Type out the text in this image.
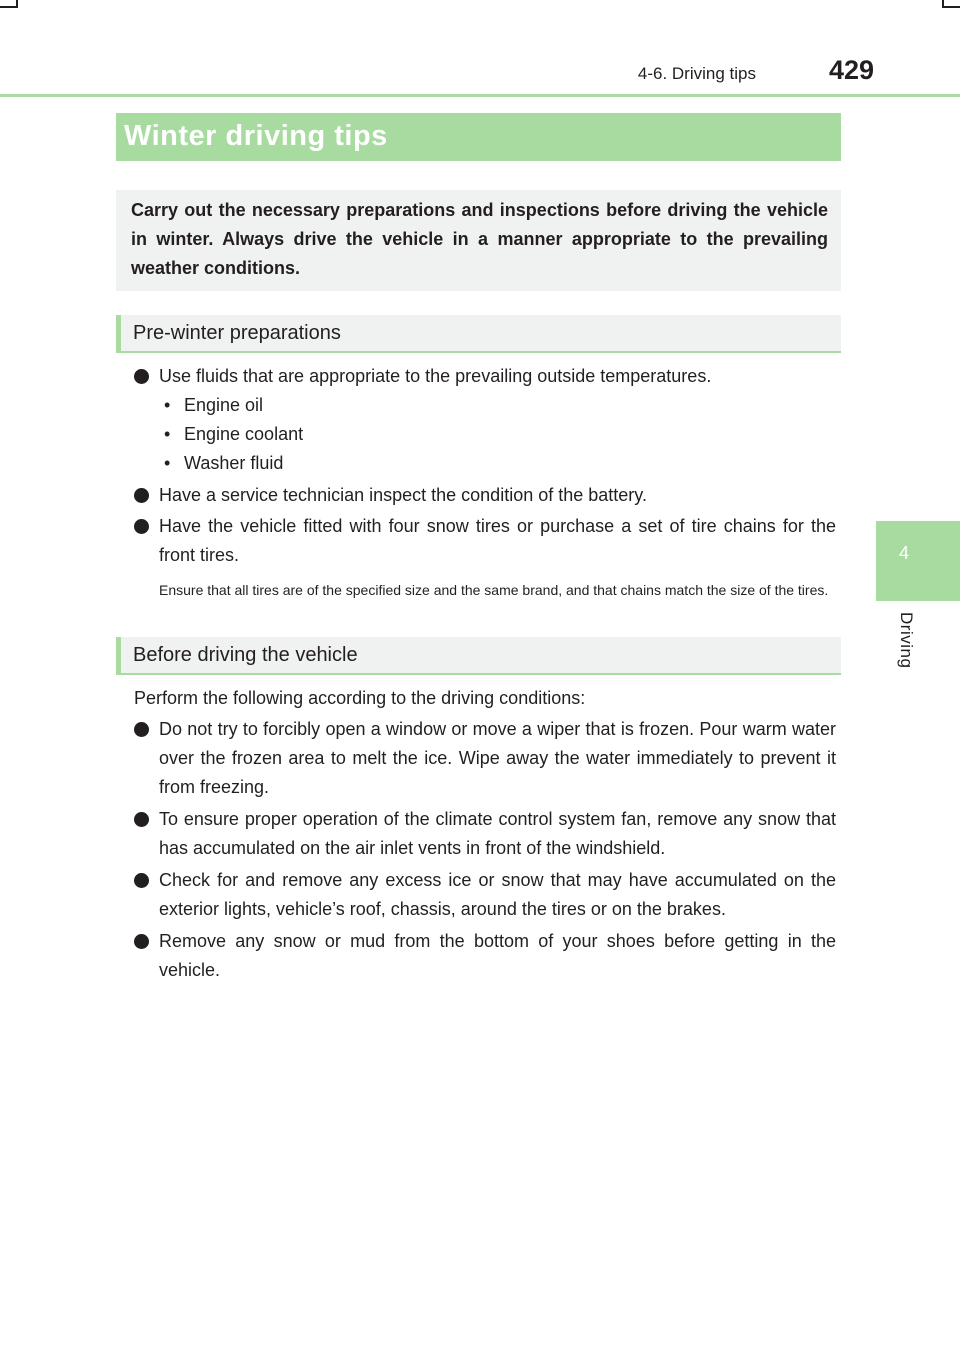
4-6. Driving tips	429
4
Driving
Winter driving tips
Carry out the necessary preparations and inspections before driving the vehicle in winter. Always drive the vehicle in a manner appropriate to the prevailing weather conditions.
Pre-winter preparations
Use fluids that are appropriate to the prevailing outside temperatures.
• Engine oil
• Engine coolant
• Washer fluid
Have a service technician inspect the condition of the battery.
Have the vehicle fitted with four snow tires or purchase a set of tire chains for the front tires.
Ensure that all tires are of the specified size and the same brand, and that chains match the size of the tires.
Before driving the vehicle
Perform the following according to the driving conditions:
Do not try to forcibly open a window or move a wiper that is frozen. Pour warm water over the frozen area to melt the ice. Wipe away the water immediately to prevent it from freezing.
To ensure proper operation of the climate control system fan, remove any snow that has accumulated on the air inlet vents in front of the windshield.
Check for and remove any excess ice or snow that may have accumulated on the exterior lights, vehicle’s roof, chassis, around the tires or on the brakes.
Remove any snow or mud from the bottom of your shoes before getting in the vehicle.
